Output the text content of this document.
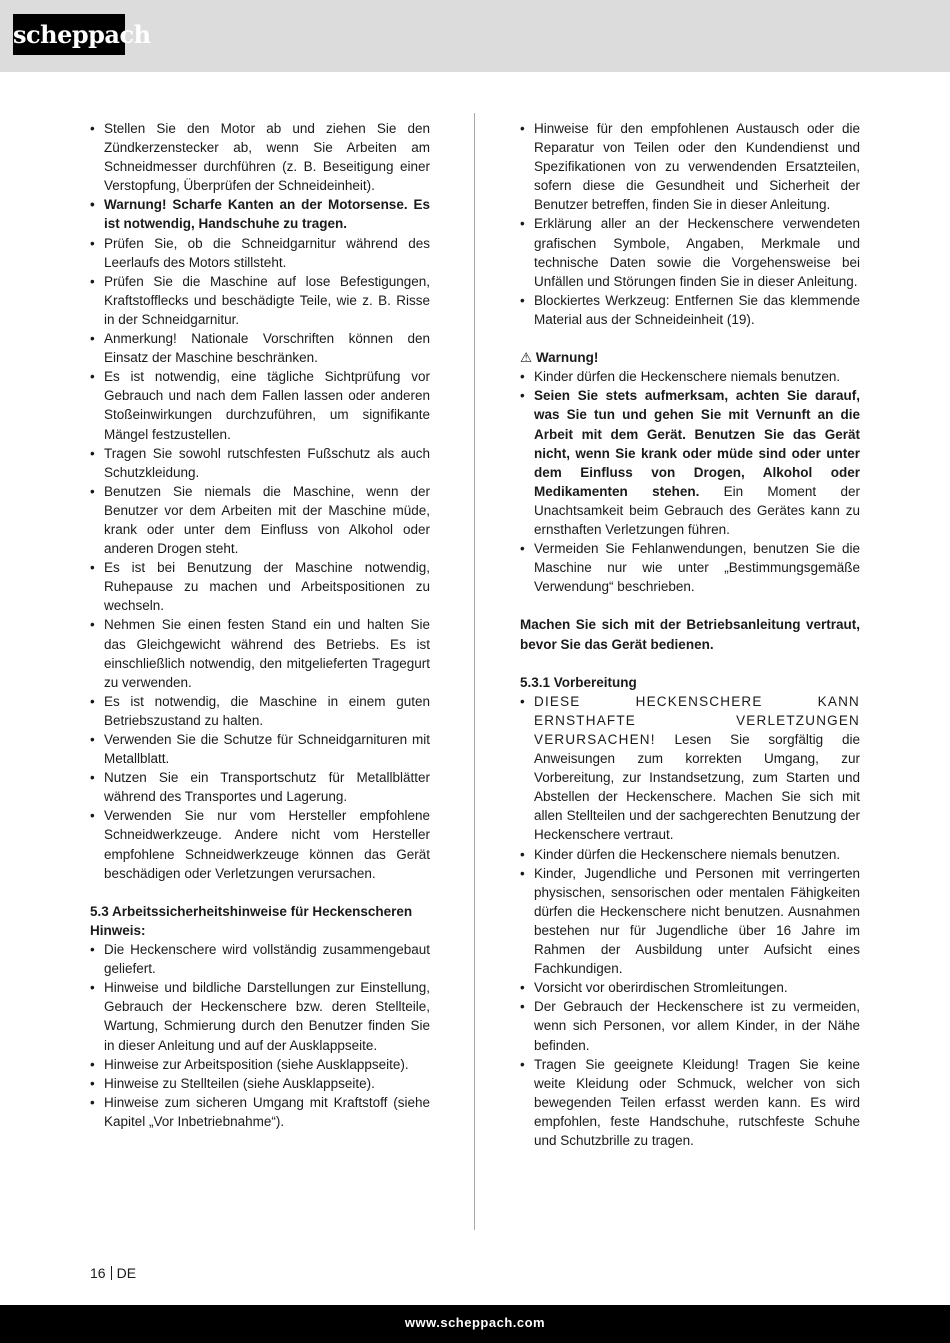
scheppach
• Stellen Sie den Motor ab und ziehen Sie den Zündkerzenstecker ab, wenn Sie Arbeiten am Schneidmesser durchführen (z. B. Beseitigung einer Verstopfung, Überprüfen der Schneideinheit).
• Warnung! Scharfe Kanten an der Motorsense. Es ist notwendig, Handschuhe zu tragen.
• Prüfen Sie, ob die Schneidgarnitur während des Leerlaufs des Motors stillsteht.
• Prüfen Sie die Maschine auf lose Befestigungen, Kraftstofflecks und beschädigte Teile, wie z. B. Risse in der Schneidgarnitur.
• Anmerkung! Nationale Vorschriften können den Einsatz der Maschine beschränken.
• Es ist notwendig, eine tägliche Sichtprüfung vor Gebrauch und nach dem Fallen lassen oder anderen Stoßeinwirkungen durchzuführen, um signifikante Mängel festzustellen.
• Tragen Sie sowohl rutschfesten Fußschutz als auch Schutzkleidung.
• Benutzen Sie niemals die Maschine, wenn der Benutzer vor dem Arbeiten mit der Maschine müde, krank oder unter dem Einfluss von Alkohol oder anderen Drogen steht.
• Es ist bei Benutzung der Maschine notwendig, Ruhepause zu machen und Arbeitspositionen zu wechseln.
• Nehmen Sie einen festen Stand ein und halten Sie das Gleichgewicht während des Betriebs. Es ist einschließlich notwendig, den mitgelieferten Tragegurt zu verwenden.
• Es ist notwendig, die Maschine in einem guten Betriebszustand zu halten.
• Verwenden Sie die Schutze für Schneidgarnituren mit Metallblatt.
• Nutzen Sie ein Transportschutz für Metallblätter während des Transportes und Lagerung.
• Verwenden Sie nur vom Hersteller empfohlene Schneidwerkzeuge. Andere nicht vom Hersteller empfohlene Schneidwerkzeuge können das Gerät beschädigen oder Verletzungen verursachen.
5.3 Arbeitssicherheitshinweise für Heckenscheren
Hinweis:
• Die Heckenschere wird vollständig zusammengebaut geliefert.
• Hinweise und bildliche Darstellungen zur Einstellung, Gebrauch der Heckenschere bzw. deren Stellteile, Wartung, Schmierung durch den Benutzer finden Sie in dieser Anleitung und auf der Ausklappseite.
• Hinweise zur Arbeitsposition (siehe Ausklappseite).
• Hinweise zu Stellteilen (siehe Ausklappseite).
• Hinweise zum sicheren Umgang mit Kraftstoff (siehe Kapitel „Vor Inbetriebnahme“).
• Hinweise für den empfohlenen Austausch oder die Reparatur von Teilen oder den Kundendienst und Spezifikationen von zu verwendenden Ersatzteilen, sofern diese die Gesundheit und Sicherheit der Benutzer betreffen, finden Sie in dieser Anleitung.
• Erklärung aller an der Heckenschere verwendeten grafischen Symbole, Angaben, Merkmale und technische Daten sowie die Vorgehensweise bei Unfällen und Störungen finden Sie in dieser Anleitung.
• Blockiertes Werkzeug: Entfernen Sie das klemmende Material aus der Schneideinheit (19).
⚠ Warnung!
• Kinder dürfen die Heckenschere niemals benutzen.
• Seien Sie stets aufmerksam, achten Sie darauf, was Sie tun und gehen Sie mit Vernunft an die Arbeit mit dem Gerät. Benutzen Sie das Gerät nicht, wenn Sie krank oder müde sind oder unter dem Einfluss von Drogen, Alkohol oder Medikamenten stehen. Ein Moment der Unachtsamkeit beim Gebrauch des Gerätes kann zu ernsthaften Verletzungen führen.
• Vermeiden Sie Fehlanwendungen, benutzen Sie die Maschine nur wie unter „Bestimmungsgemäße Verwendung“ beschrieben.
Machen Sie sich mit der Betriebsanleitung vertraut, bevor Sie das Gerät bedienen.
5.3.1 Vorbereitung
• DIESE HECKENSCHERE KANN ERNSTHAFTE VERLETZUNGEN VERURSACHEN! Lesen Sie sorgfältig die Anweisungen zum korrekten Umgang, zur Vorbereitung, zur Instandsetzung, zum Starten und Abstellen der Heckenschere. Machen Sie sich mit allen Stellteilen und der sachgerechten Benutzung der Heckenschere vertraut.
• Kinder dürfen die Heckenschere niemals benutzen.
• Kinder, Jugendliche und Personen mit verringerten physischen, sensorischen oder mentalen Fähigkeiten dürfen die Heckenschere nicht benutzen. Ausnahmen bestehen nur für Jugendliche über 16 Jahre im Rahmen der Ausbildung unter Aufsicht eines Fachkundigen.
• Vorsicht vor oberirdischen Stromleitungen.
• Der Gebrauch der Heckenschere ist zu vermeiden, wenn sich Personen, vor allem Kinder, in der Nähe befinden.
• Tragen Sie geeignete Kleidung! Tragen Sie keine weite Kleidung oder Schmuck, welcher von sich bewegenden Teilen erfasst werden kann. Es wird empfohlen, feste Handschuhe, rutschfeste Schuhe und Schutzbrille zu tragen.
16 DE
www.scheppach.com
